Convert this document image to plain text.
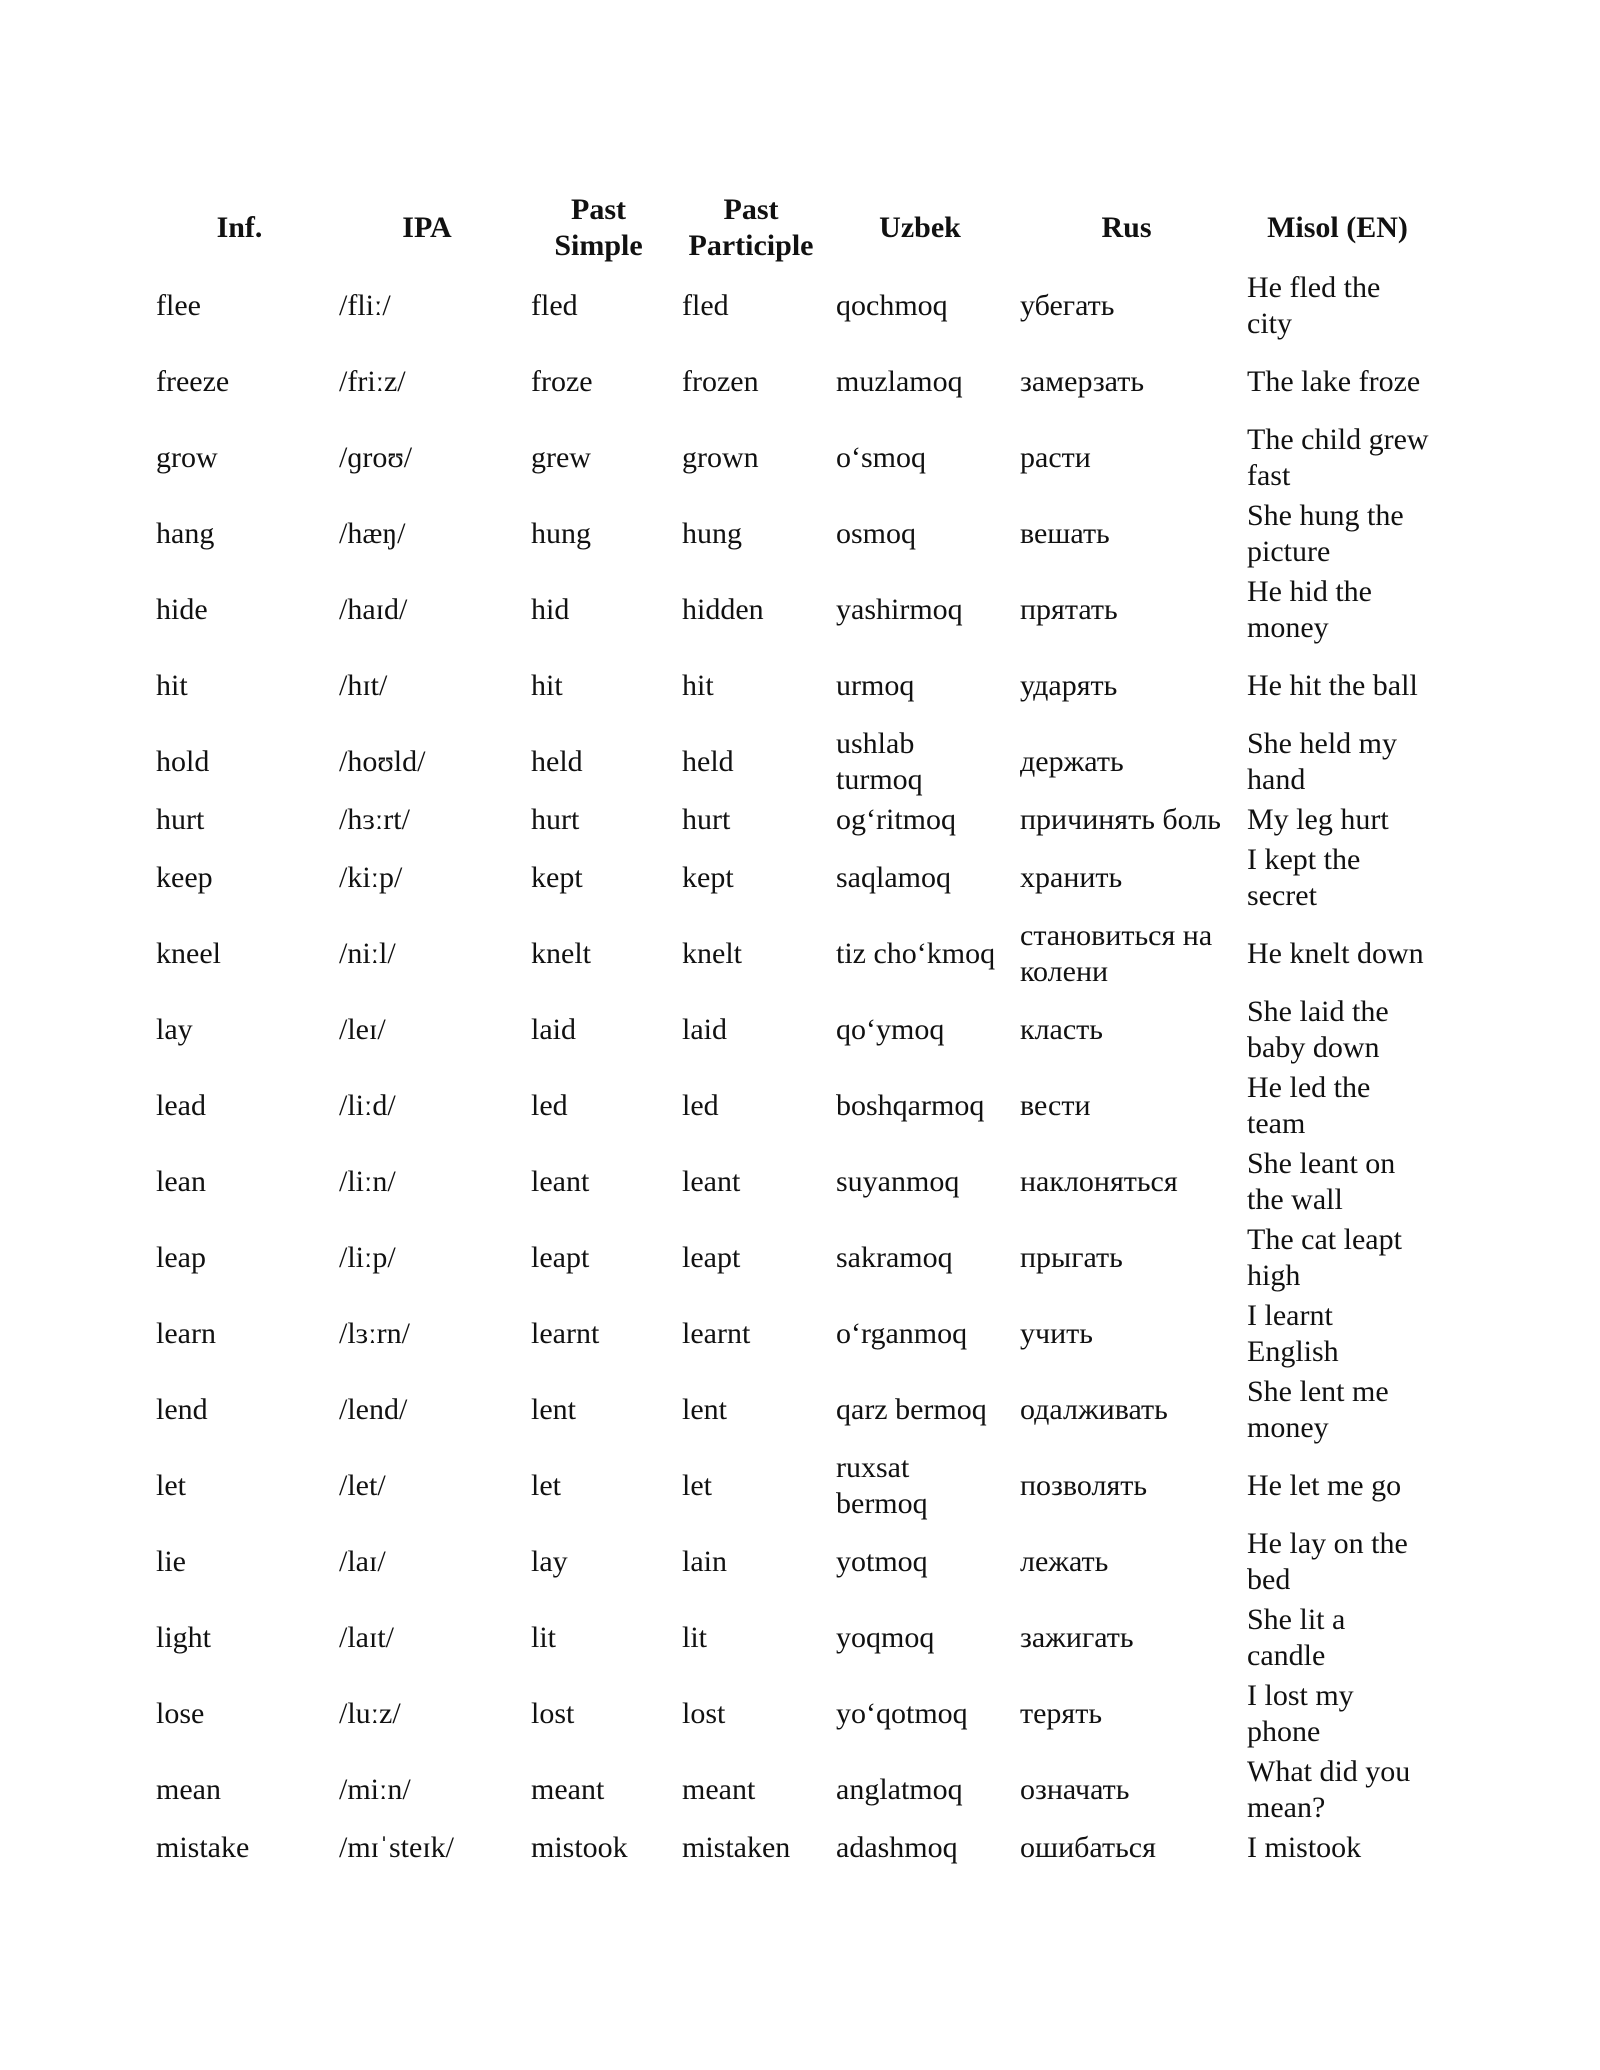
Inf.	IPA	Past Simple	Past Participle	Uzbek	Rus	Misol (EN)
flee	/fliː/	fled	fled	qochmoq	убегать	He fled the city
freeze	/friːz/	froze	frozen	muzlamoq	замерзать	The lake froze
grow	/ɡroʊ/	grew	grown	oʻsmoq	расти	The child grew fast
hang	/hæŋ/	hung	hung	osmoq	вешать	She hung the picture
hide	/haɪd/	hid	hidden	yashirmoq	прятать	He hid the money
hit	/hɪt/	hit	hit	urmoq	ударять	He hit the ball
hold	/hoʊld/	held	held	ushlab turmoq	держать	She held my hand
hurt	/hɜːrt/	hurt	hurt	ogʻritmoq	причинять боль	My leg hurt
keep	/kiːp/	kept	kept	saqlamoq	хранить	I kept the secret
kneel	/niːl/	knelt	knelt	tiz choʻkmoq	становиться на колени	He knelt down
lay	/leɪ/	laid	laid	qoʻymoq	класть	She laid the baby down
lead	/liːd/	led	led	boshqarmoq	вести	He led the team
lean	/liːn/	leant	leant	suyanmoq	наклоняться	She leant on the wall
leap	/liːp/	leapt	leapt	sakramoq	прыгать	The cat leapt high
learn	/lɜːrn/	learnt	learnt	oʻrganmoq	учить	I learnt English
lend	/lend/	lent	lent	qarz bermoq	одалживать	She lent me money
let	/let/	let	let	ruxsat bermoq	позволять	He let me go
lie	/laɪ/	lay	lain	yotmoq	лежать	He lay on the bed
light	/laɪt/	lit	lit	yoqmoq	зажигать	She lit a candle
lose	/luːz/	lost	lost	yoʻqotmoq	терять	I lost my phone
mean	/miːn/	meant	meant	anglatmoq	означать	What did you mean?
mistake	/mɪˈsteɪk/	mistook	mistaken	adashmoq	ошибаться	I mistook
